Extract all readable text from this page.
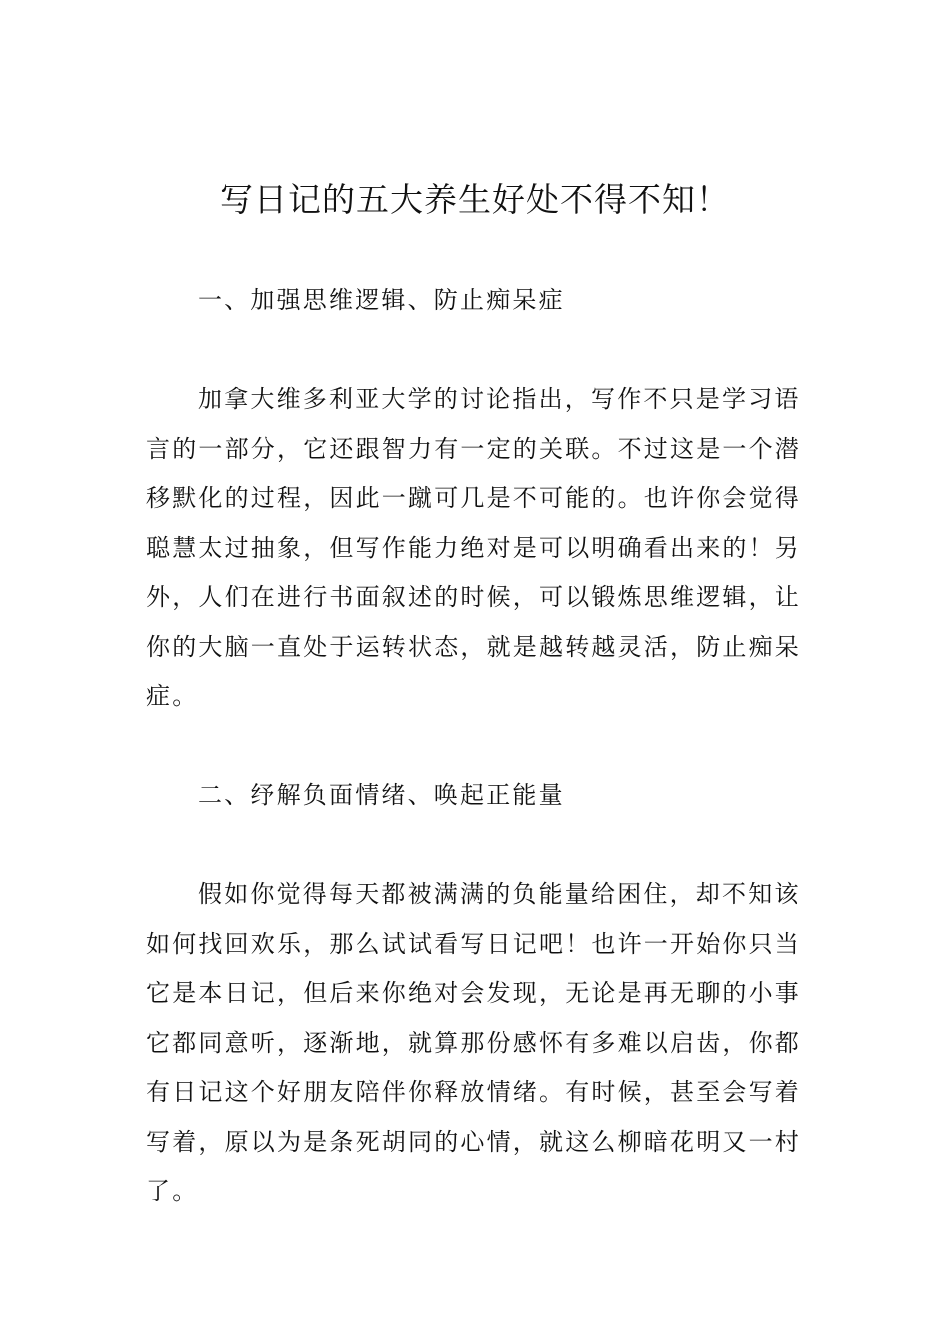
写日记的五大养生好处不得不知！
一、加强思维逻辑、防止痴呆症
加拿大维多利亚大学的讨论指出，写作不只是学习语
言的一部分，它还跟智力有一定的关联。不过这是一个潜
移默化的过程，因此一蹴可几是不可能的。也许你会觉得
聪慧太过抽象，但写作能力绝对是可以明确看出来的！另
外，人们在进行书面叙述的时候，可以锻炼思维逻辑，让
你的大脑一直处于运转状态，就是越转越灵活，防止痴呆
症。
二、纾解负面情绪、唤起正能量
假如你觉得每天都被满满的负能量给困住，却不知该
如何找回欢乐，那么试试看写日记吧！也许一开始你只当
它是本日记，但后来你绝对会发现，无论是再无聊的小事
它都同意听，逐渐地，就算那份感怀有多难以启齿，你都
有日记这个好朋友陪伴你释放情绪。有时候，甚至会写着
写着，原以为是条死胡同的心情，就这么柳暗花明又一村
了。
